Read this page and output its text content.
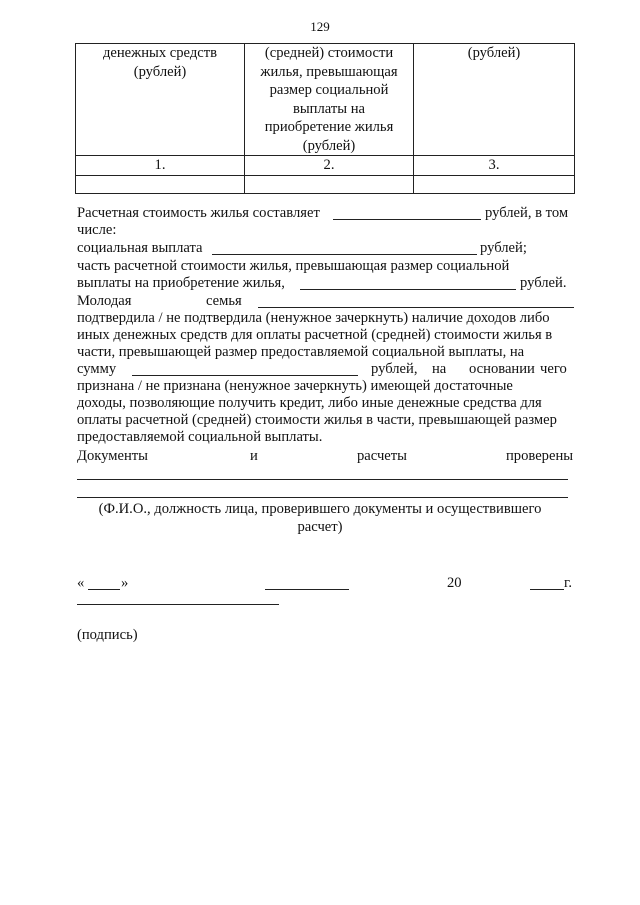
129
денежных средств (рублей)	(средней) стоимости жилья, превышающая размер социальной выплаты на приобретение жилья (рублей)	(рублей)
1.	2.	3.

Расчетная стоимость жилья составляет	рублей, в том
числе:
социальная выплата	рублей;
часть расчетной стоимости жилья, превышающая размер социальной
выплаты на приобретение жилья,	рублей.
Молодая	семья
подтвердила / не подтвердила (ненужное зачеркнуть) наличие доходов либо
иных денежных средств для оплаты расчетной (средней) стоимости жилья в
части, превышающей размер предоставляемой социальной выплаты, на
сумму	рублей, на основании чего
признана / не признана (ненужное зачеркнуть) имеющей достаточные
доходы, позволяющие получить кредит, либо иные денежные средства для
оплаты расчетной (средней) стоимости жилья в части, превышающей размер
предоставляемой социальной выплаты.
Документы	и	расчеты	проверены
(Ф.И.О., должность лица, проверившего документы и осуществившего
расчет)
«	»	20	г.
(подпись)
